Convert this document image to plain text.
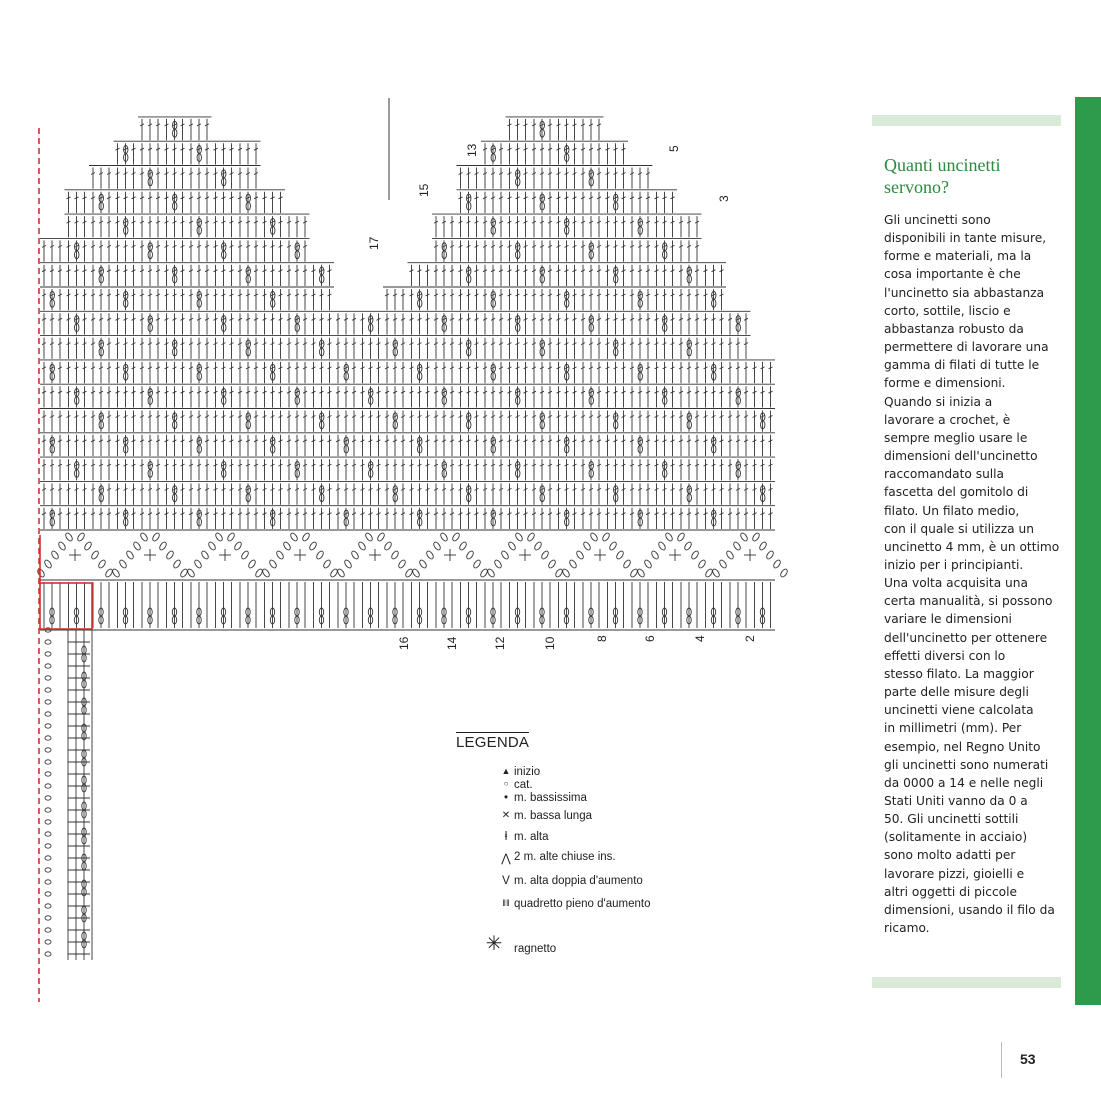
17
15
13	5
3
16	14	12	10	8	6	4	2
LEGENDA
▲ inizio
○ cat.
• m. bassissima
✕ m. bassa lunga
ⱡ m. alta
⋀ 2 m. alte chiuse ins.
V m. alta doppia d'aumento
‖‖ quadretto pieno d'aumento
✳	ragnetto
Quanti uncinetti servono?
Gli uncinetti sono
disponibili in tante misure,
forme e materiali, ma la
cosa importante è che
l'uncinetto sia abbastanza
corto, sottile, liscio e
abbastanza robusto da
permettere di lavorare una
gamma di filati di tutte le
forme e dimensioni.
Quando si inizia a
lavorare a crochet, è
sempre meglio usare le
dimensioni dell'uncinetto
raccomandato sulla
fascetta del gomitolo di
filato. Un filato medio,
con il quale si utilizza un
uncinetto 4 mm, è un ottimo
inizio per i principianti.
Una volta acquisita una
certa manualità, si possono
variare le dimensioni
dell'uncinetto per ottenere
effetti diversi con lo
stesso filato. La maggior
parte delle misure degli
uncinetti viene calcolata
in millimetri (mm). Per
esempio, nel Regno Unito
gli uncinetti sono numerati
da 0000 a 14 e nelle negli
Stati Uniti vanno da 0 a
50. Gli uncinetti sottili
(solitamente in acciaio)
sono molto adatti per
lavorare pizzi, gioielli e
altri oggetti di piccole
dimensioni, usando il filo da
ricamo.
53
